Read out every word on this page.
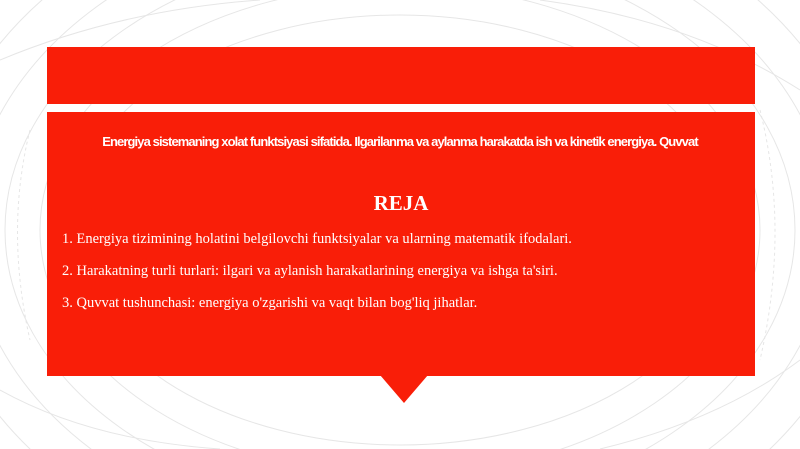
Energiya sistemaning xolat funktsiyasi sifatida. Ilgarilanma va aylanma harakatda ish va kinetik energiya. Quvvat
REJA
1. Energiya tizimining holatini belgilovchi funktsiyalar va ularning matematik ifodalari.
2. Harakatning turli turlari: ilgari va aylanish harakatlarining energiya va ishga ta'siri.
3. Quvvat tushunchasi: energiya o'zgarishi va vaqt bilan bog'liq jihatlar.
